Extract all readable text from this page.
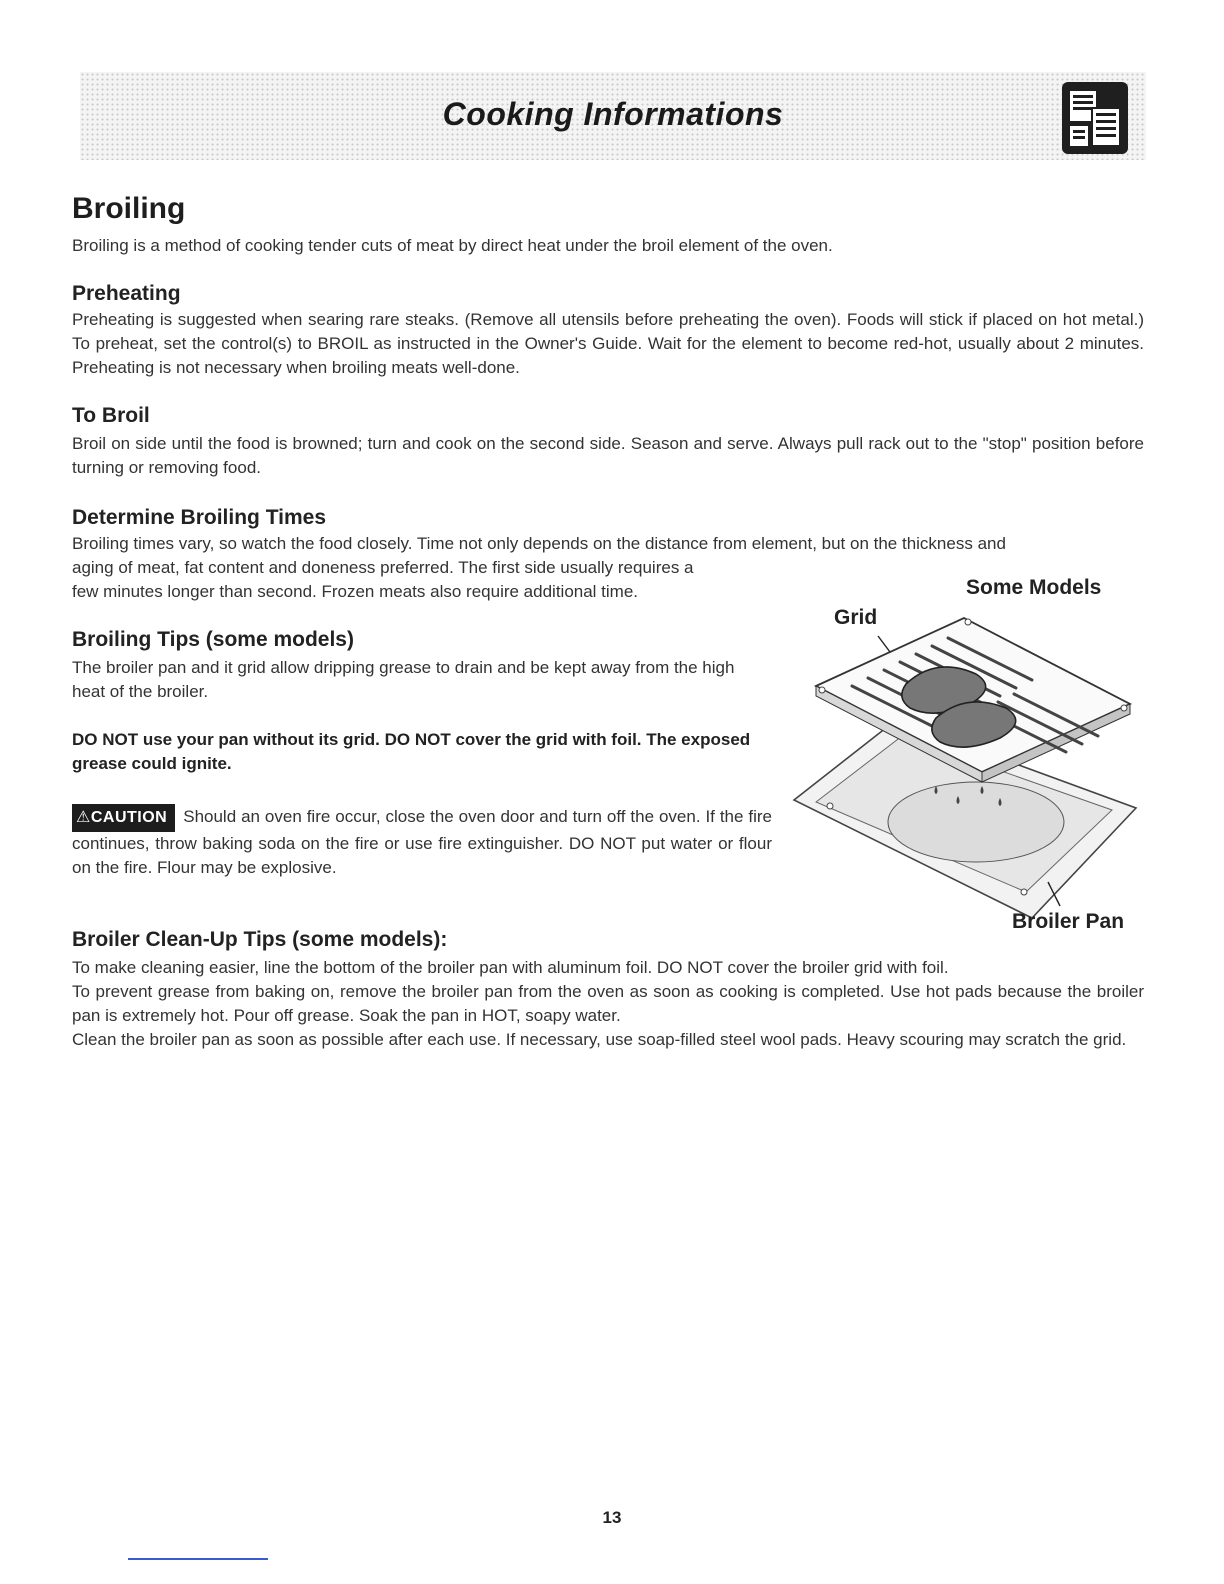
Cooking Informations
Broiling
Broiling is a method of cooking tender cuts of meat by direct heat under the broil element of the oven.
Preheating
Preheating is suggested when searing rare steaks. (Remove all utensils before preheating the oven). Foods will stick if placed on hot metal.) To preheat, set the control(s) to BROIL as instructed in the Owner's Guide. Wait for the element to become red-hot, usually about 2 minutes. Preheating is not necessary when broiling meats well-done.
To Broil
Broil on side until the food is browned; turn and cook on the second side. Season and serve. Always pull rack out to the "stop" position before turning or removing food.
Determine Broiling Times
Broiling times vary, so watch the food closely. Time not only depends on the distance from element, but on the thickness and
aging of meat, fat content and doneness preferred. The first side usually requires a
few minutes longer than second. Frozen meats also require additional time.
Broiling Tips (some models)
The broiler pan and it grid allow dripping grease to drain and be kept away from the high heat of the broiler.
DO NOT use your pan without its grid. DO NOT cover the grid with foil. The exposed grease could ignite.
⚠CAUTION Should an oven fire occur, close the oven door and turn off the oven. If the fire continues, throw baking soda on the fire or use fire extinguisher. DO NOT put water or flour on the fire. Flour may be explosive.
Some Models
Grid
Broiler Pan
Broiler Clean-Up Tips (some models):
To make cleaning easier, line the bottom of the broiler pan with aluminum foil. DO NOT cover the broiler grid with foil.
To prevent grease from baking on, remove the broiler pan from the oven as soon as cooking is completed. Use hot pads because the broiler pan is extremely hot. Pour off grease. Soak the pan in HOT, soapy water.
Clean the broiler pan as soon as possible after each use. If necessary, use soap-filled steel wool pads. Heavy scouring may scratch the grid.
13
